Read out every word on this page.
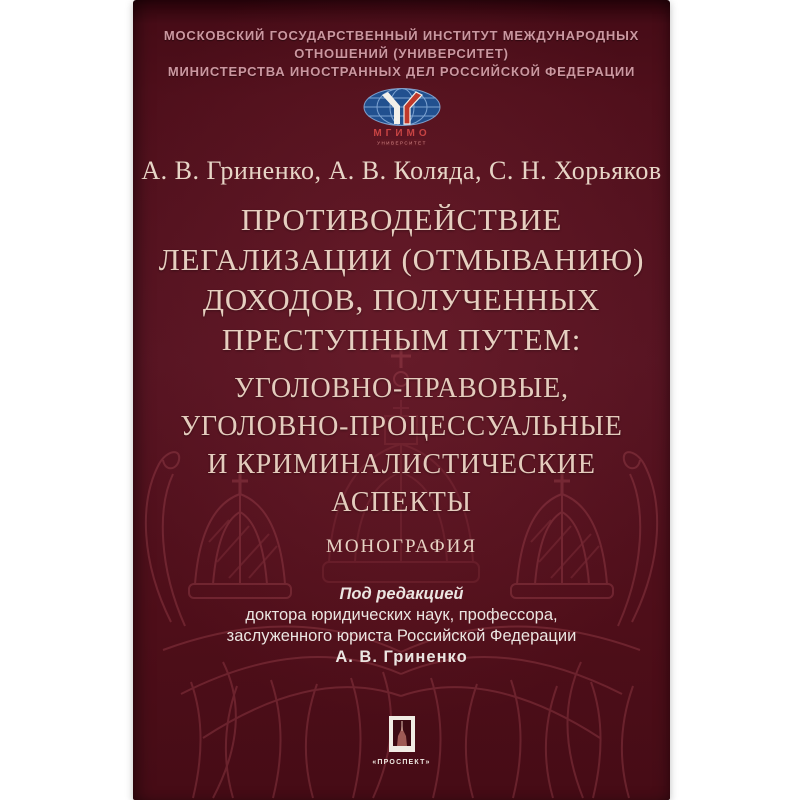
МОСКОВСКИЙ ГОСУДАРСТВЕННЫЙ ИНСТИТУТ МЕЖДУНАРОДНЫХ
ОТНОШЕНИЙ (УНИВЕРСИТЕТ)
МИНИСТЕРСТВА ИНОСТРАННЫХ ДЕЛ РОССИЙСКОЙ ФЕДЕРАЦИИ
МГИМО
УНИВЕРСИТЕТ
А. В. Гриненко, А. В. Коляда, С. Н. Хорьяков
ПРОТИВОДЕЙСТВИЕ
ЛЕГАЛИЗАЦИИ (ОТМЫВАНИЮ)
ДОХОДОВ, ПОЛУЧЕННЫХ
ПРЕСТУПНЫМ ПУТЕМ:
УГОЛОВНО-ПРАВОВЫЕ,
УГОЛОВНО-ПРОЦЕССУАЛЬНЫЕ
И КРИМИНАЛИСТИЧЕСКИЕ
АСПЕКТЫ
МОНОГРАФИЯ
Под редакцией
доктора юридических наук, профессора,
заслуженного юриста Российской Федерации
А. В. Гриненко
«ПРОСПЕКТ»
